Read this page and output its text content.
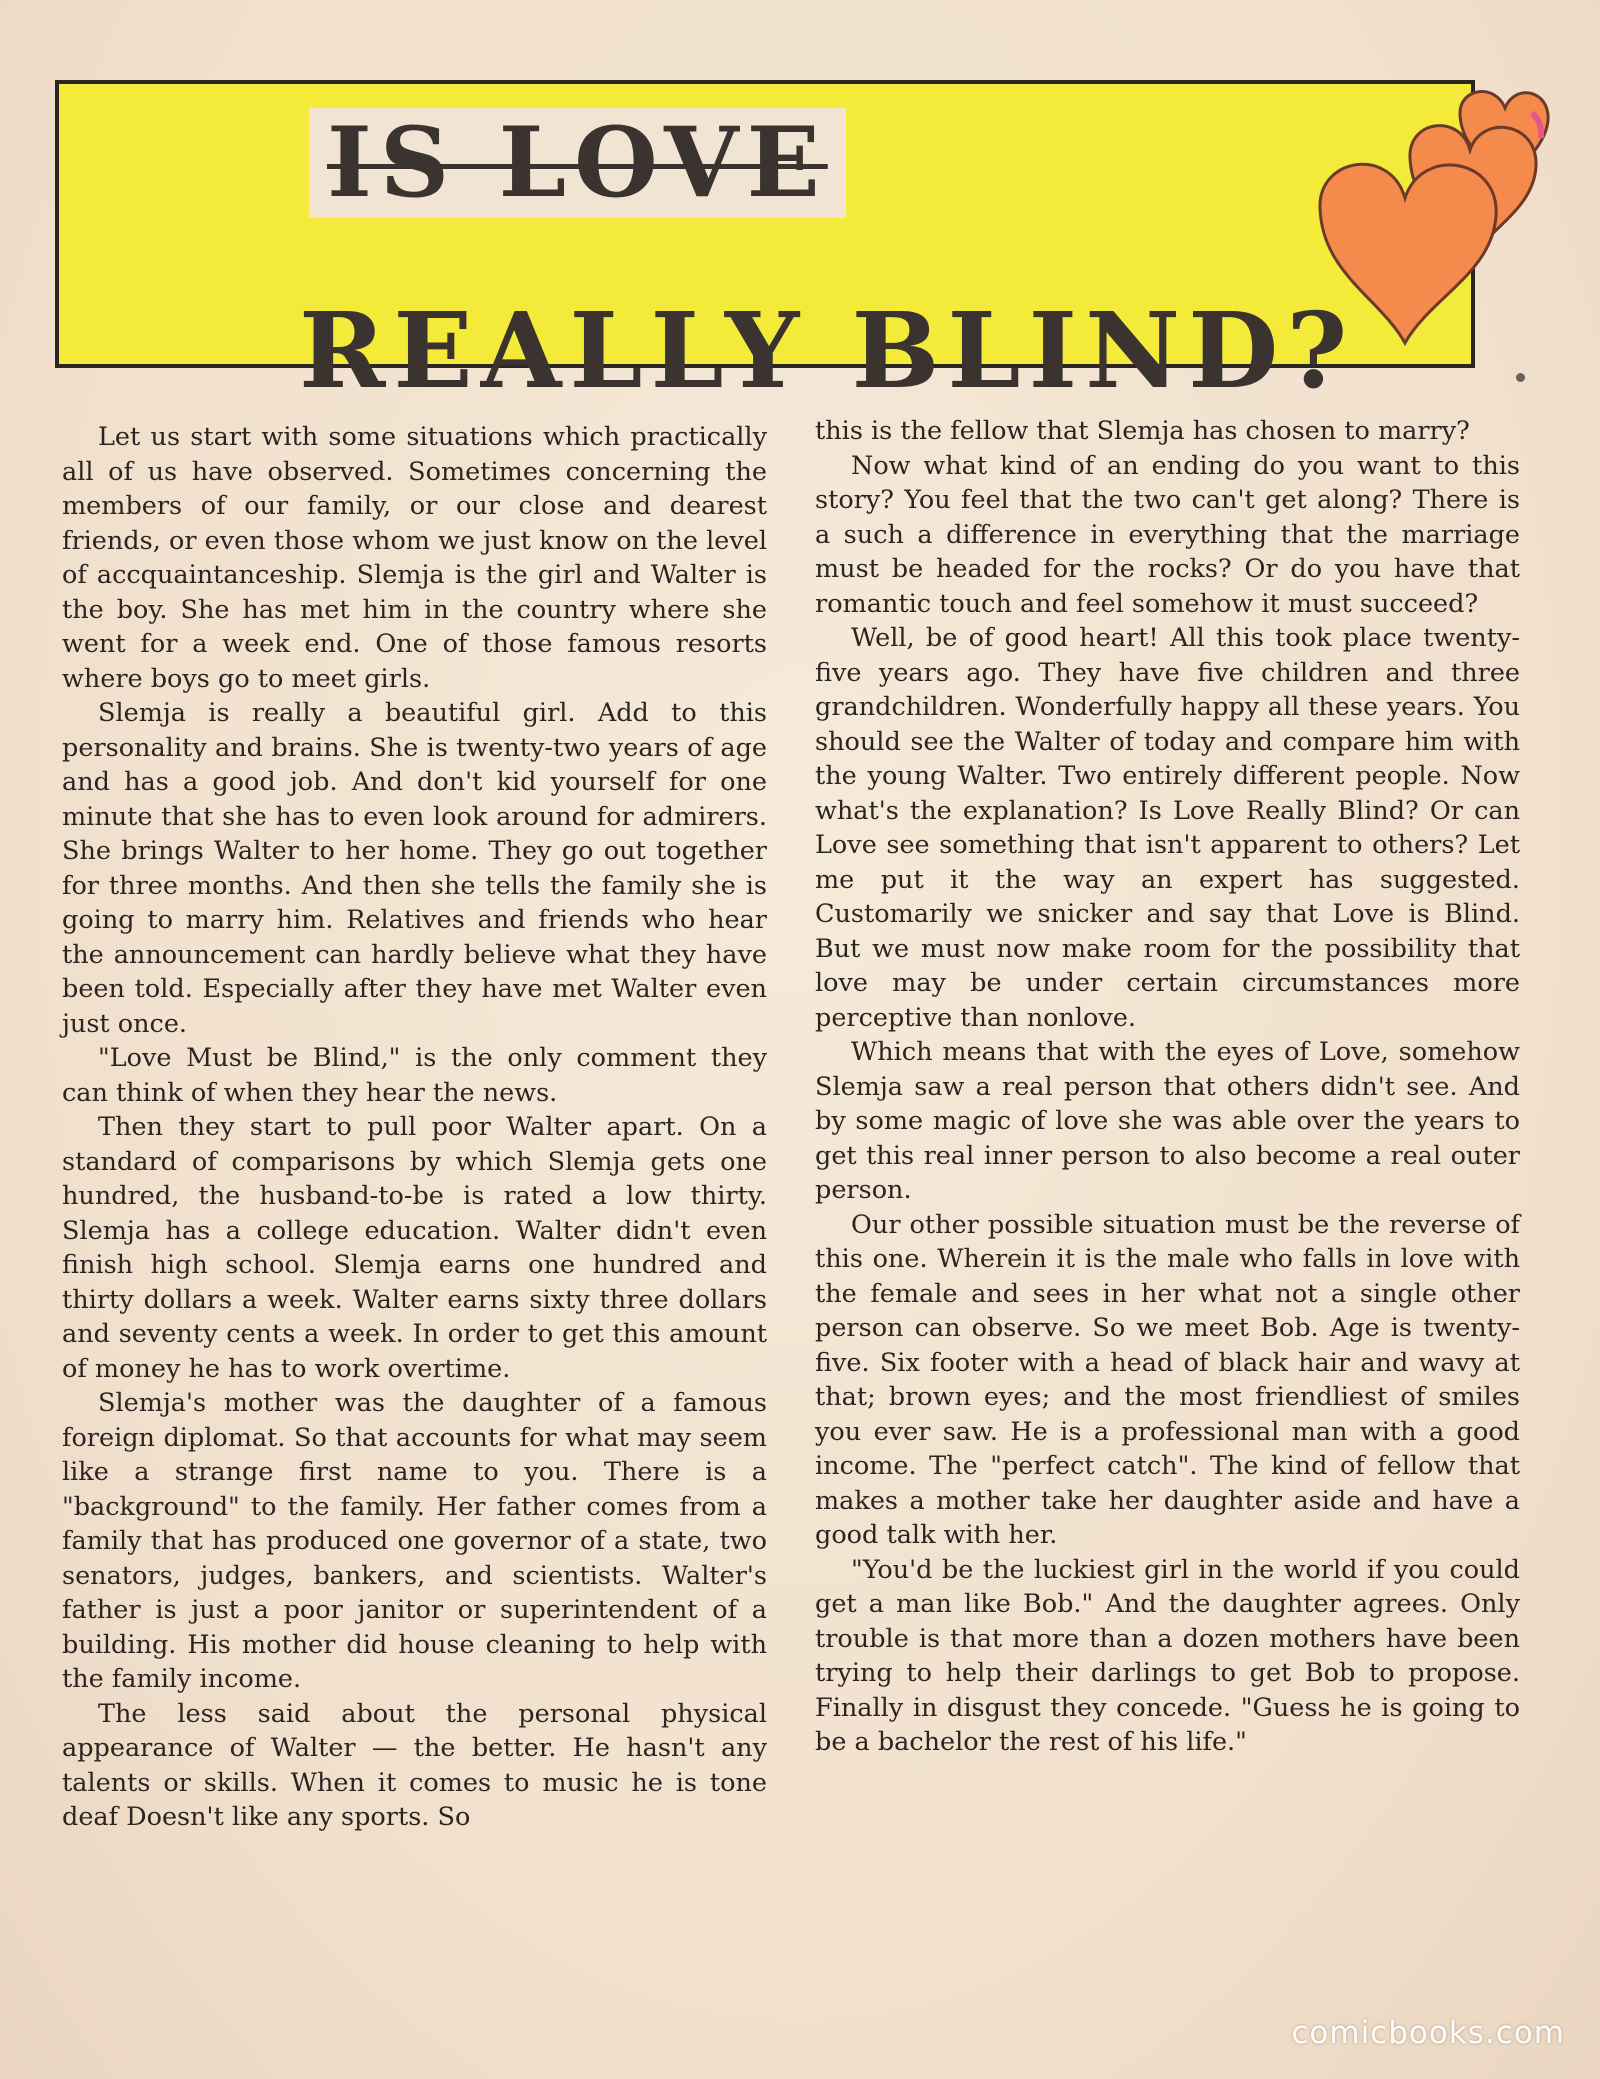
IS LOVE
REALLY BLIND?

Let us start with some situations which practically all of us have observed. Sometimes concerning the members of our family, or our close and dearest friends, or even those whom we just know on the level of accquaintanceship. Slemja is the girl and Walter is the boy. She has met him in the country where she went for a week end. One of those famous resorts where boys go to meet girls.

Slemja is really a beautiful girl. Add to this personality and brains. She is twenty-two years of age and has a good job. And don't kid yourself for one minute that she has to even look around for admirers. She brings Walter to her home. They go out together for three months. And then she tells the family she is going to marry him. Relatives and friends who hear the announcement can hardly believe what they have been told. Especially after they have met Walter even just once.

"Love Must be Blind," is the only comment they can think of when they hear the news.

Then they start to pull poor Walter apart. On a standard of comparisons by which Slemja gets one hundred, the husband-to-be is rated a low thirty. Slemja has a college education. Walter didn't even finish high school. Slemja earns one hundred and thirty dollars a week. Walter earns sixty three dollars and seventy cents a week. In order to get this amount of money he has to work overtime.

Slemja's mother was the daughter of a famous foreign diplomat. So that accounts for what may seem like a strange first name to you. There is a "background" to the family. Her father comes from a family that has produced one governor of a state, two senators, judges, bankers, and scientists. Walter's father is just a poor janitor or superintendent of a building. His mother did house cleaning to help with the family income.

The less said about the personal physical appearance of Walter — the better. He hasn't any talents or skills. When it comes to music he is tone deaf Doesn't like any sports. So

this is the fellow that Slemja has chosen to marry?

Now what kind of an ending do you want to this story? You feel that the two can't get along? There is a such a difference in everything that the marriage must be headed for the rocks? Or do you have that romantic touch and feel somehow it must succeed?

Well, be of good heart! All this took place twenty-five years ago. They have five children and three grandchildren. Wonderfully happy all these years. You should see the Walter of today and compare him with the young Walter. Two entirely different people. Now what's the explanation? Is Love Really Blind? Or can Love see something that isn't apparent to others? Let me put it the way an expert has suggested. Customarily we snicker and say that Love is Blind. But we must now make room for the possibility that love may be under certain circumstances more perceptive than nonlove.

Which means that with the eyes of Love, somehow Slemja saw a real person that others didn't see. And by some magic of love she was able over the years to get this real inner person to also become a real outer person.

Our other possible situation must be the reverse of this one. Wherein it is the male who falls in love with the female and sees in her what not a single other person can observe. So we meet Bob. Age is twenty-five. Six footer with a head of black hair and wavy at that; brown eyes; and the most friendliest of smiles you ever saw. He is a professional man with a good income. The "perfect catch". The kind of fellow that makes a mother take her daughter aside and have a good talk with her.

"You'd be the luckiest girl in the world if you could get a man like Bob." And the daughter agrees. Only trouble is that more than a dozen mothers have been trying to help their darlings to get Bob to propose. Finally in disgust they concede. "Guess he is going to be a bachelor the rest of his life."

comicbooks.com
